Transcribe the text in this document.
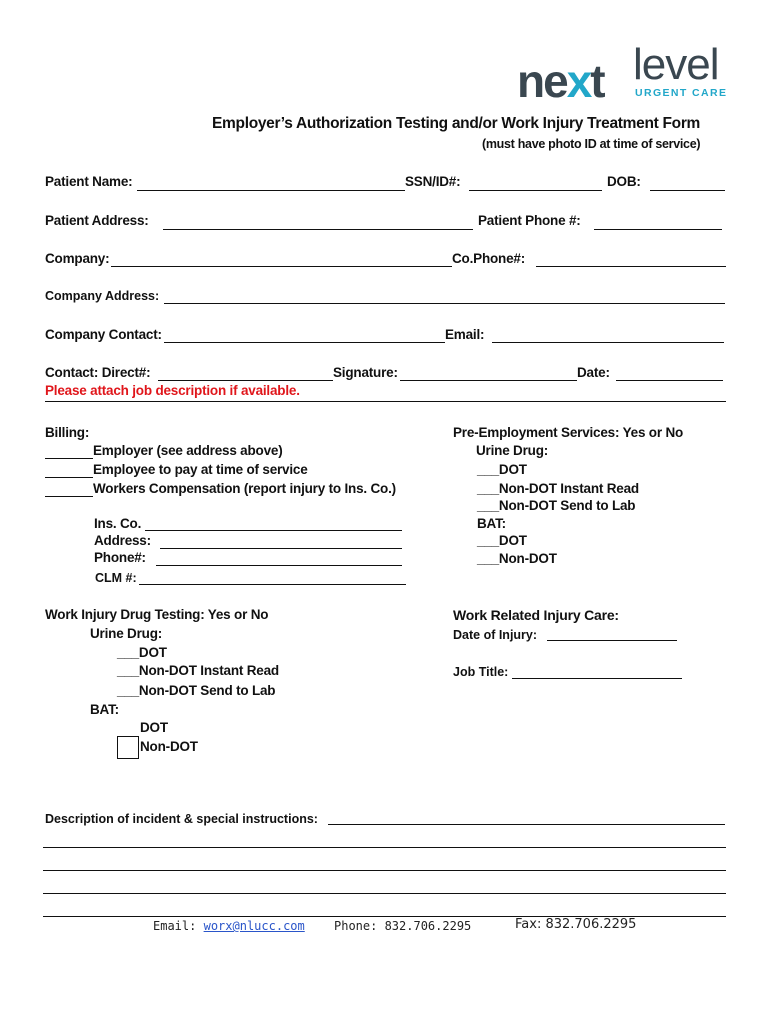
next level
URGENT CARE
Employer’s Authorization Testing and/or Work Injury Treatment Form
(must have photo ID at time of service)
Patient Name:	SSN/ID#:	DOB:
Patient Address:	Patient Phone #:
Company:	Co.Phone#:
Company Address:
Company Contact:	Email:
Contact: Direct#:	Signature:	Date:
Please attach job description if available.
Billing:
Employer (see address above)
Employee to pay at time of service
Workers Compensation (report injury to Ins. Co.)
Ins. Co.
Address:
Phone#:
CLM #:
Pre-Employment Services: Yes or No
Urine Drug:
___DOT
___Non-DOT Instant Read
___Non-DOT Send to Lab
BAT:
___DOT
___Non-DOT
Work Injury Drug Testing: Yes or No
Urine Drug:
___DOT
___Non-DOT Instant Read
___Non-DOT Send to Lab
BAT:
DOT
Non-DOT
Work Related Injury Care:
Date of Injury:
Job Title:
Description of incident & special instructions:
Email: worx@nlucc.com Phone: 832.706.2295	Fax: 832.706.2295
